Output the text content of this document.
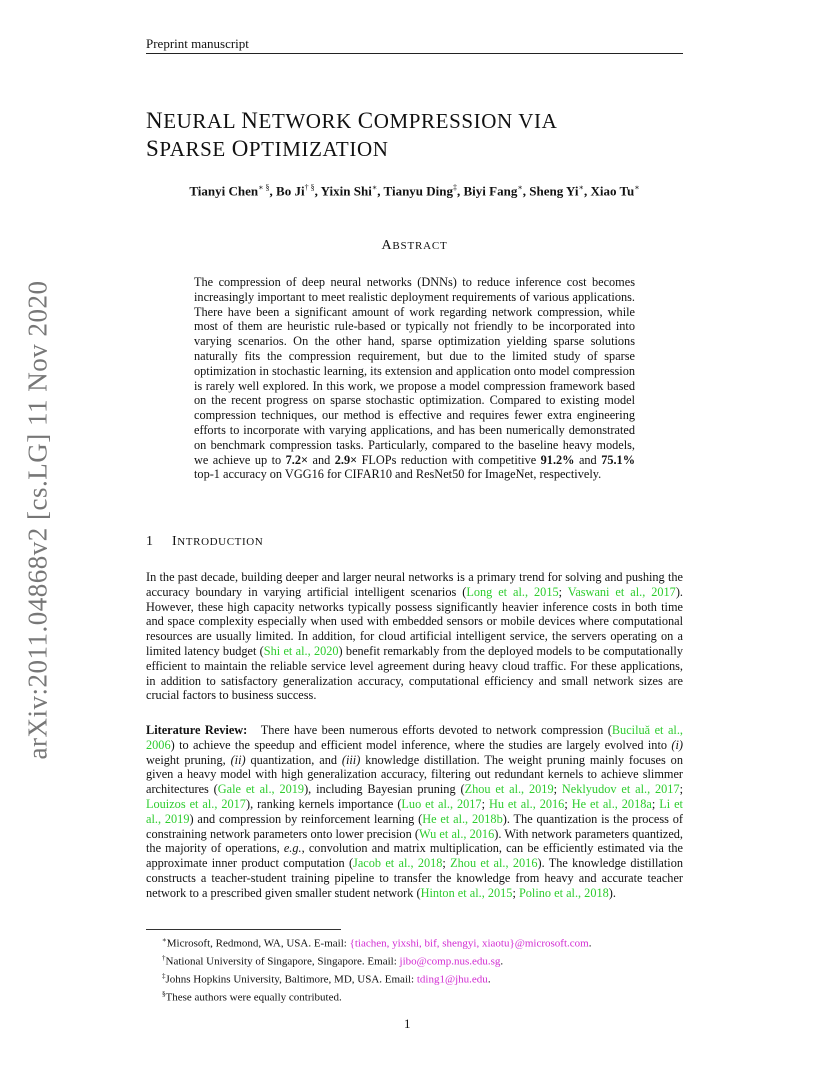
Preprint manuscript
arXiv:2011.04868v2 [cs.LG] 11 Nov 2020
NEURAL NETWORK COMPRESSION VIA
SPARSE OPTIMIZATION
Tianyi Chen∗ §, Bo Ji† §, Yixin Shi∗, Tianyu Ding‡, Biyi Fang∗, Sheng Yi∗, Xiao Tu∗
ABSTRACT
The compression of deep neural networks (DNNs) to reduce inference cost becomes increasingly important to meet realistic deployment requirements of various applications. There have been a significant amount of work regarding network compression, while most of them are heuristic rule-based or typically not friendly to be incorporated into varying scenarios. On the other hand, sparse optimization yielding sparse solutions naturally fits the compression requirement, but due to the limited study of sparse optimization in stochastic learning, its extension and application onto model compression is rarely well explored. In this work, we propose a model compression framework based on the recent progress on sparse stochastic optimization. Compared to existing model compression techniques, our method is effective and requires fewer extra engineering efforts to incorporate with varying applications, and has been numerically demonstrated on benchmark compression tasks. Particularly, compared to the baseline heavy models, we achieve up to 7.2× and 2.9× FLOPs reduction with competitive 91.2% and 75.1% top-1 accuracy on VGG16 for CIFAR10 and ResNet50 for ImageNet, respectively.
1 INTRODUCTION
In the past decade, building deeper and larger neural networks is a primary trend for solving and pushing the accuracy boundary in varying artificial intelligent scenarios (Long et al., 2015; Vaswani et al., 2017). However, these high capacity networks typically possess significantly heavier inference costs in both time and space complexity especially when used with embedded sensors or mobile devices where computational resources are usually limited. In addition, for cloud artificial intelligent service, the servers operating on a limited latency budget (Shi et al., 2020) benefit remarkably from the deployed models to be computationally efficient to maintain the reliable service level agreement during heavy cloud traffic. For these applications, in addition to satisfactory generalization accuracy, computational efficiency and small network sizes are crucial factors to business success.
Literature Review: There have been numerous efforts devoted to network compression (Buciluǎ et al., 2006) to achieve the speedup and efficient model inference, where the studies are largely evolved into (i) weight pruning, (ii) quantization, and (iii) knowledge distillation. The weight pruning mainly focuses on given a heavy model with high generalization accuracy, filtering out redundant kernels to achieve slimmer architectures (Gale et al., 2019), including Bayesian pruning (Zhou et al., 2019; Neklyudov et al., 2017; Louizos et al., 2017), ranking kernels importance (Luo et al., 2017; Hu et al., 2016; He et al., 2018a; Li et al., 2019) and compression by reinforcement learning (He et al., 2018b). The quantization is the process of constraining network parameters onto lower precision (Wu et al., 2016). With network parameters quantized, the majority of operations, e.g., convolution and matrix multiplication, can be efficiently estimated via the approximate inner product computation (Jacob et al., 2018; Zhou et al., 2016). The knowledge distillation constructs a teacher-student training pipeline to transfer the knowledge from heavy and accurate teacher network to a prescribed given smaller student network (Hinton et al., 2015; Polino et al., 2018).
∗Microsoft, Redmond, WA, USA. E-mail: {tiachen, yixshi, bif, shengyi, xiaotu}@microsoft.com.
†National University of Singapore, Singapore. Email: jibo@comp.nus.edu.sg.
‡Johns Hopkins University, Baltimore, MD, USA. Email: tding1@jhu.edu.
§These authors were equally contributed.
1
